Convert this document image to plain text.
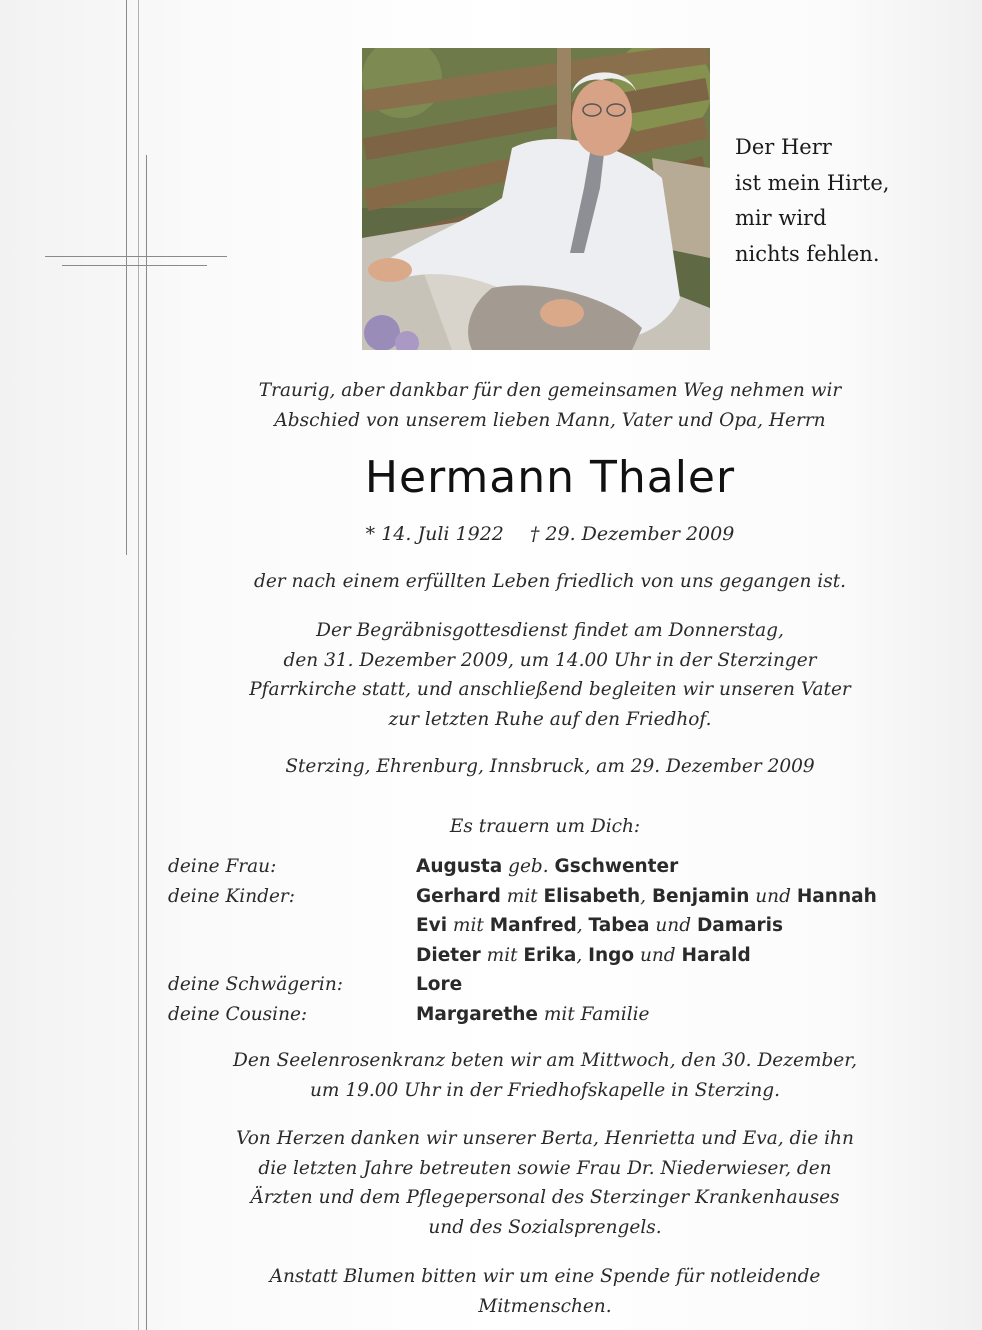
Der Herr
ist mein Hirte,
mir wird
nichts fehlen.
Traurig, aber dankbar für den gemeinsamen Weg nehmen wir
Abschied von unserem lieben Mann, Vater und Opa, Herrn
Hermann Thaler
* 14. Juli 1922 † 29. Dezember 2009
der nach einem erfüllten Leben friedlich von uns gegangen ist.
Der Begräbnisgottesdienst findet am Donnerstag,
den 31. Dezember 2009, um 14.00 Uhr in der Sterzinger
Pfarrkirche statt, und anschließend begleiten wir unseren Vater
zur letzten Ruhe auf den Friedhof.
Sterzing, Ehrenburg, Innsbruck, am 29. Dezember 2009
Es trauern um Dich:
deine Frau:	Augusta geb. Gschwenter
deine Kinder:	Gerhard mit Elisabeth, Benjamin und Hannah
Evi mit Manfred, Tabea und Damaris
Dieter mit Erika, Ingo und Harald
deine Schwägerin:	Lore
deine Cousine:	Margarethe mit Familie
Den Seelenrosenkranz beten wir am Mittwoch, den 30. Dezember,
um 19.00 Uhr in der Friedhofskapelle in Sterzing.
Von Herzen danken wir unserer Berta, Henrietta und Eva, die ihn
die letzten Jahre betreuten sowie Frau Dr. Niederwieser, den
Ärzten und dem Pflegepersonal des Sterzinger Krankenhauses
und des Sozialsprengels.
Anstatt Blumen bitten wir um eine Spende für notleidende
Mitmenschen.
